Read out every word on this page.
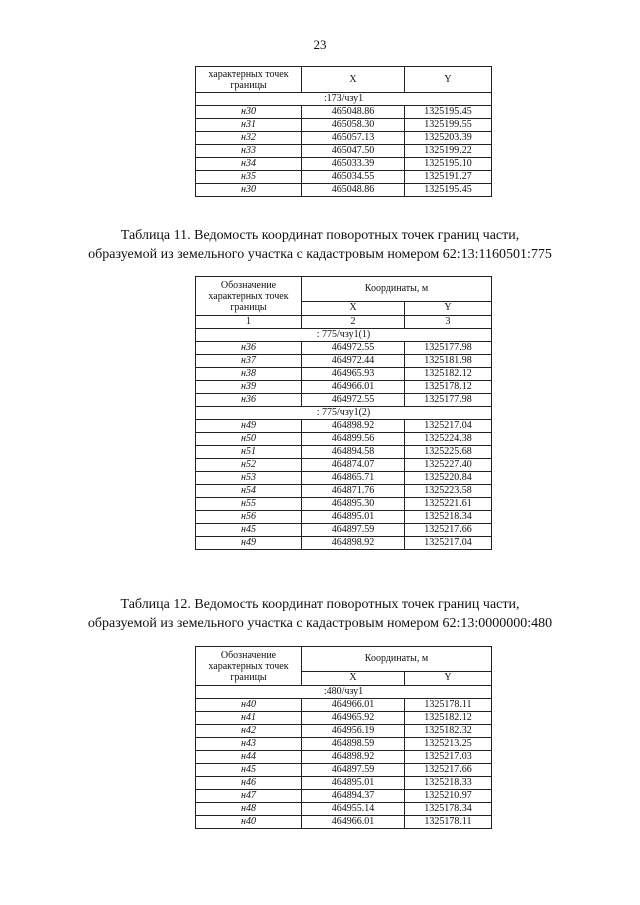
23
характерных точек границы	X	Y
:173/чзу1		
н30	465048.86	1325195.45
н31	465058.30	1325199.55
н32	465057.13	1325203.39
н33	465047.50	1325199.22
н34	465033.39	1325195.10
н35	465034.55	1325191.27
н30	465048.86	1325195.45
Таблица 11. Ведомость координат поворотных точек границ части,
образуемой из земельного участка с кадастровым номером 62:13:1160501:775
Обозначение характерных точек границы	Координаты, м	
	X	Y
1	2	3
: 775/чзу1(1)		
н36	464972.55	1325177.98
н37	464972.44	1325181.98
н38	464965.93	1325182.12
н39	464966.01	1325178.12
н36	464972.55	1325177.98
: 775/чзу1(2)		
н49	464898.92	1325217.04
н50	464899.56	1325224.38
н51	464894.58	1325225.68
н52	464874.07	1325227.40
н53	464865.71	1325220.84
н54	464871.76	1325223.58
н55	464895.30	1325221.61
н56	464895.01	1325218.34
н45	464897.59	1325217.66
н49	464898.92	1325217.04
Таблица 12. Ведомость координат поворотных точек границ части,
образуемой из земельного участка с кадастровым номером 62:13:0000000:480
Обозначение характерных точек границы	Координаты, м	
	X	Y
:480/чзу1		
н40	464966.01	1325178.11
н41	464965.92	1325182.12
н42	464956.19	1325182.32
н43	464898.59	1325213.25
н44	464898.92	1325217.03
н45	464897.59	1325217.66
н46	464895.01	1325218.33
н47	464894.37	1325210.97
н48	464955.14	1325178.34
н40	464966.01	1325178.11
